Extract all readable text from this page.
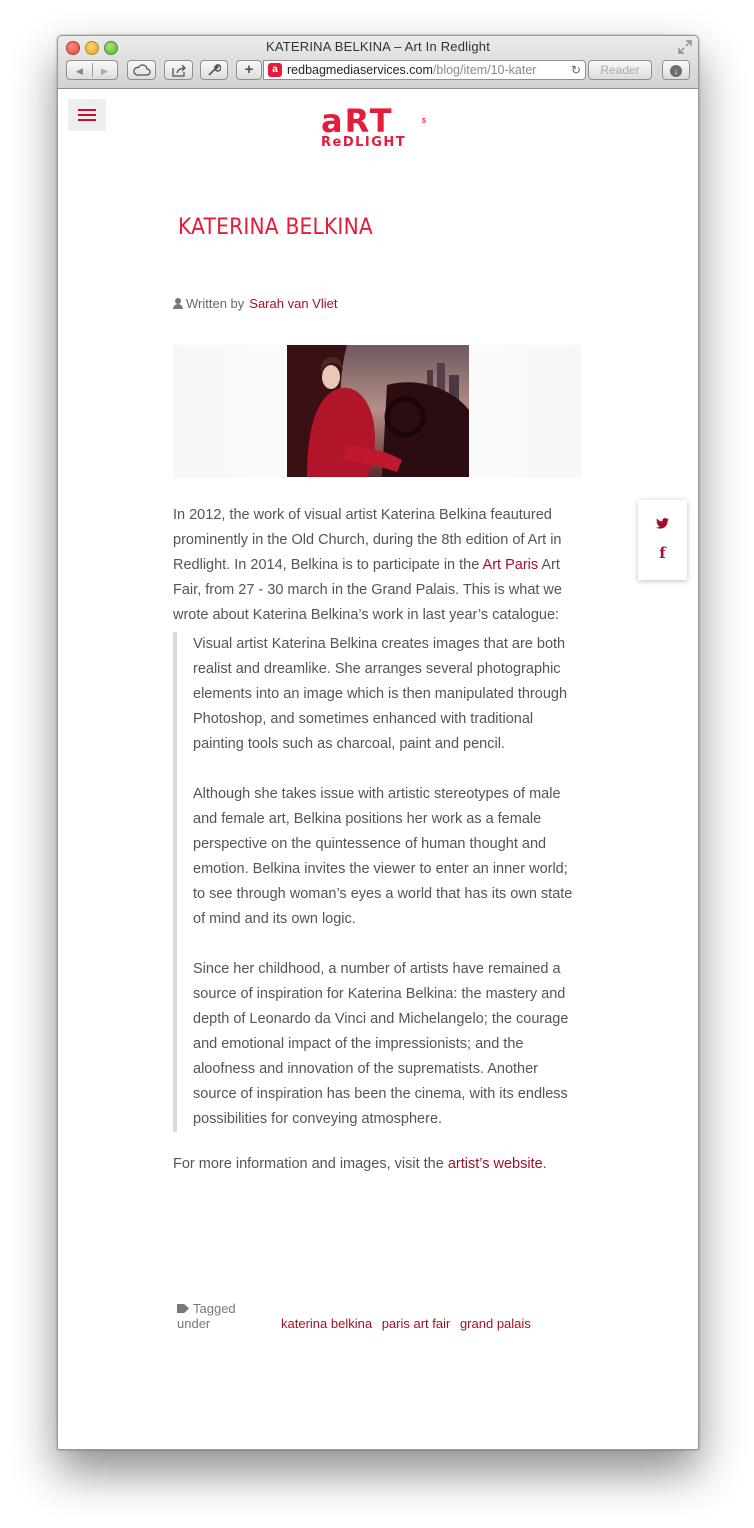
KATERINA BELKINA – Art In Redlight
◀ ▶	+	a redbagmediaservices.com/blog/item/10-kater	↻	Reader	↓
aRT
ReDLIGHT
5
KATERINA BELKINA
Written by Sarah van Vliet

In 2012, the work of visual artist Katerina Belkina feautured prominently in the Old Church, during the 8th edition of Art in Redlight. In 2014, Belkina is to participate in the Art Paris Art Fair, from 27 - 30 march in the Grand Palais. This is what we wrote about Katerina Belkina’s work in last year’s catalogue:

Visual artist Katerina Belkina creates images that are both realist and dreamlike. She arranges several photographic elements into an image which is then manipulated through Photoshop, and sometimes enhanced with traditional painting tools such as charcoal, paint and pencil.

Although she takes issue with artistic stereotypes of male and female art, Belkina positions her work as a female perspective on the quintessence of human thought and emotion. Belkina invites the viewer to enter an inner world; to see through woman’s eyes a world that has its own state of mind and its own logic.

Since her childhood, a number of artists have remained a source of inspiration for Katerina Belkina: the mastery and depth of Leonardo da Vinci and Michelangelo; the courage and emotional impact of the impressionists; and the aloofness and innovation of the suprematists. Another source of inspiration has been the cinema, with its endless possibilities for conveying atmosphere.

For more information and images, visit the artist’s website.
Tagged
under	katerina belkina paris art fair grand palais
f
